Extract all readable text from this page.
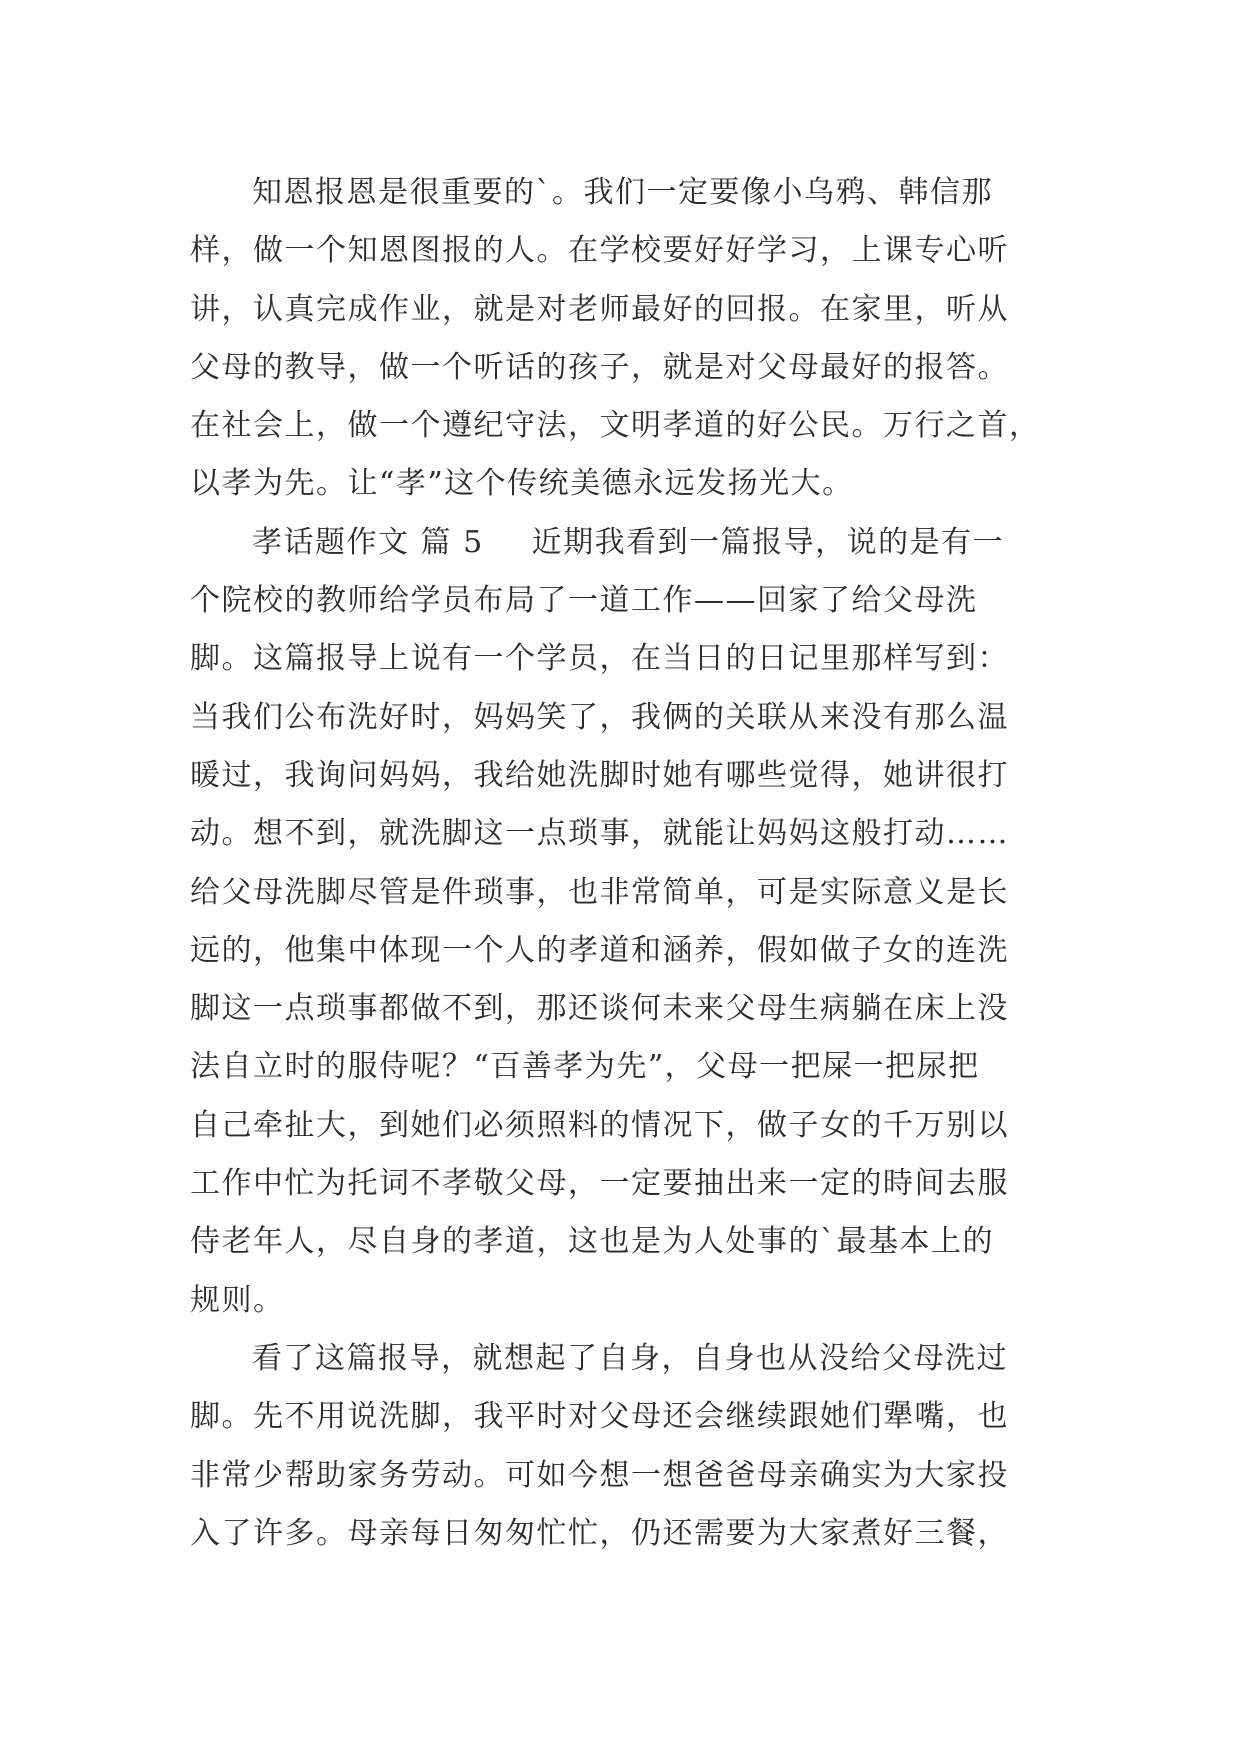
知恩报恩是很重要的`。我们一定要像小乌鸦、韩信那
样，做一个知恩图报的人。在学校要好好学习，上课专心听
讲，认真完成作业，就是对老师最好的回报。在家里，听从
父母的教导，做一个听话的孩子，就是对父母最好的报答。
在社会上，做一个遵纪守法，文明孝道的好公民。万行之首，
以孝为先。让“孝”这个传统美德永远发扬光大。
孝话题作文 篇 5 近期我看到一篇报导，说的是有一
个院校的教师给学员布局了一道工作——回家了给父母洗
脚。这篇报导上说有一个学员，在当日的日记里那样写到：
当我们公布洗好时，妈妈笑了，我俩的关联从来没有那么温
暖过，我询问妈妈，我给她洗脚时她有哪些觉得，她讲很打
动。想不到，就洗脚这一点琐事，就能让妈妈这般打动……
给父母洗脚尽管是件琐事，也非常简单，可是实际意义是长
远的，他集中体现一个人的孝道和涵养，假如做子女的连洗
脚这一点琐事都做不到，那还谈何未来父母生病躺在床上没
法自立时的服侍呢？“百善孝为先”，父母一把屎一把尿把
自己牵扯大，到她们必须照料的情况下，做子女的千万别以
工作中忙为托词不孝敬父母，一定要抽出来一定的時间去服
侍老年人，尽自身的孝道，这也是为人处事的`最基本上的
规则。
看了这篇报导，就想起了自身，自身也从没给父母洗过
脚。先不用说洗脚，我平时对父母还会继续跟她们犟嘴，也
非常少帮助家务劳动。可如今想一想爸爸母亲确实为大家投
入了许多。母亲每日匆匆忙忙，仍还需要为大家煮好三餐，
